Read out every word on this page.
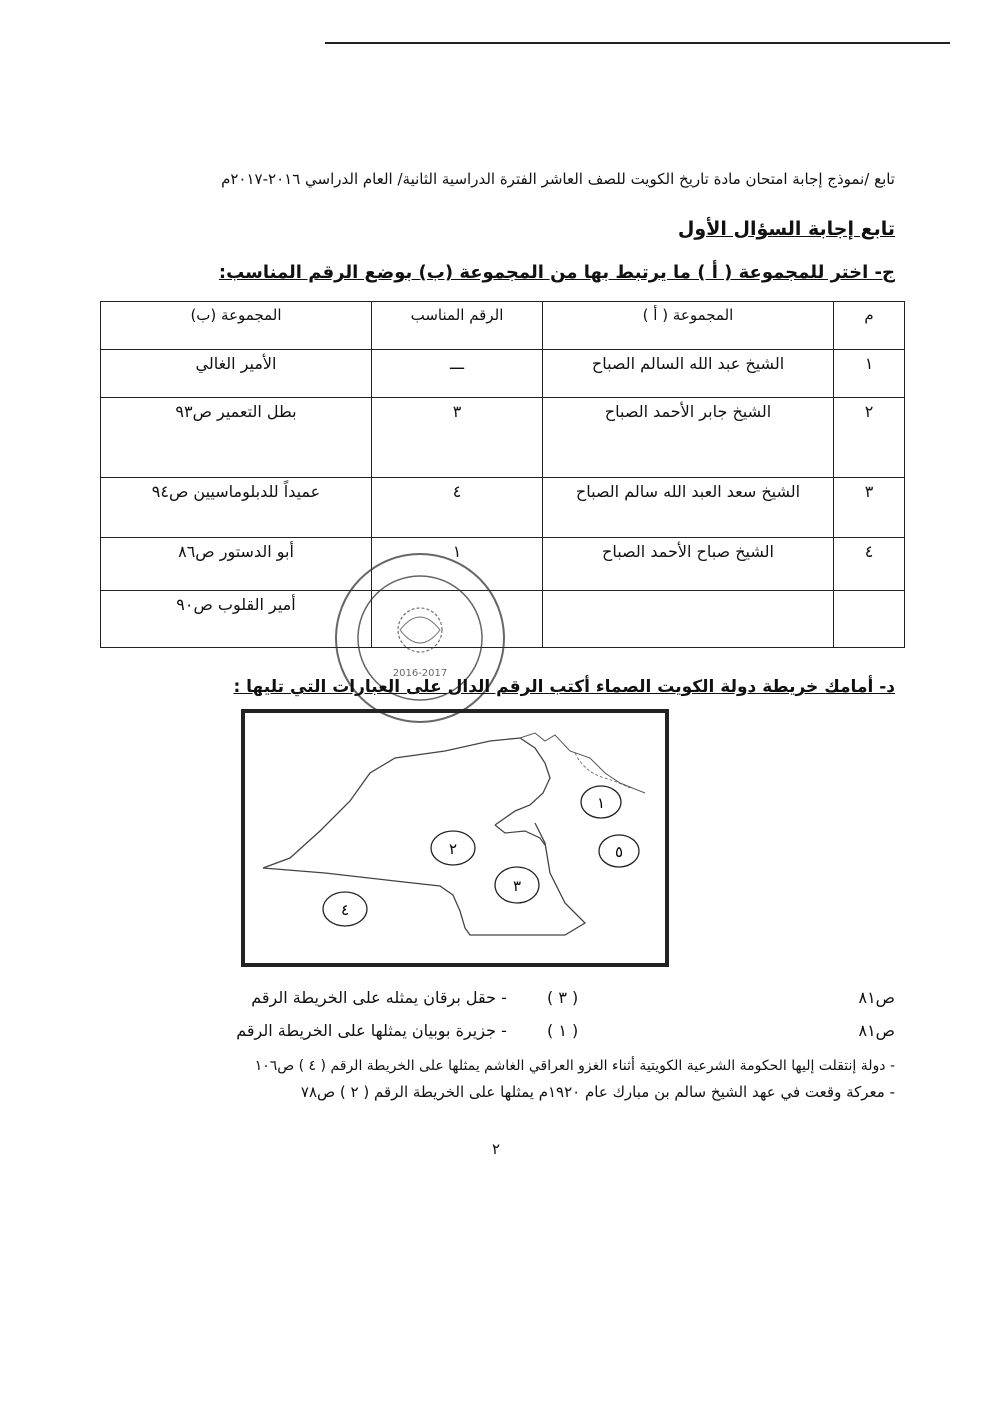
تابع /نموذج إجابة امتحان مادة تاريخ الكويت للصف العاشر الفترة الدراسية الثانية/ العام الدراسي ٢٠١٦-٢٠١٧م
تابع إجابة السؤال الأول
ج- اختر للمجموعة ( أ ) ما يرتبط بها من المجموعة (ب) بوضع الرقم المناسب:
م	المجموعة ( أ )	الرقم المناسب	المجموعة (ب)
١	الشيخ عبد الله السالم الصباح	ـــ	الأمير الغالي
٢	الشيخ جابر الأحمد الصباح	٣	بطل التعمير ص٩٣
٣	الشيخ سعد العبد الله سالم الصباح	٤	عميداً للدبلوماسيين ص٩٤
٤	الشيخ صباح الأحمد الصباح	١	أبو الدستور ص٨٦
			أمير القلوب ص٩٠
2016-2017
د- أمامك خريطة دولة الكويت الصماء أكتب الرقم الدال على العبارات التي تليها :
١
٢
٣
٤
٥
- حقل برقان يمثله على الخريطة الرقم	( ٣ )	ص٨١
- جزيرة بوبيان يمثلها على الخريطة الرقم	( ١ )	ص٨١
- دولة إنتقلت إليها الحكومة الشرعية الكويتية أثناء الغزو العراقي الغاشم يمثلها على الخريطة الرقم ( ٤ ) ص١٠٦
- معركة وقعت في عهد الشيخ سالم بن مبارك عام ١٩٢٠م يمثلها على الخريطة الرقم ( ٢ ) ص٧٨
٢
